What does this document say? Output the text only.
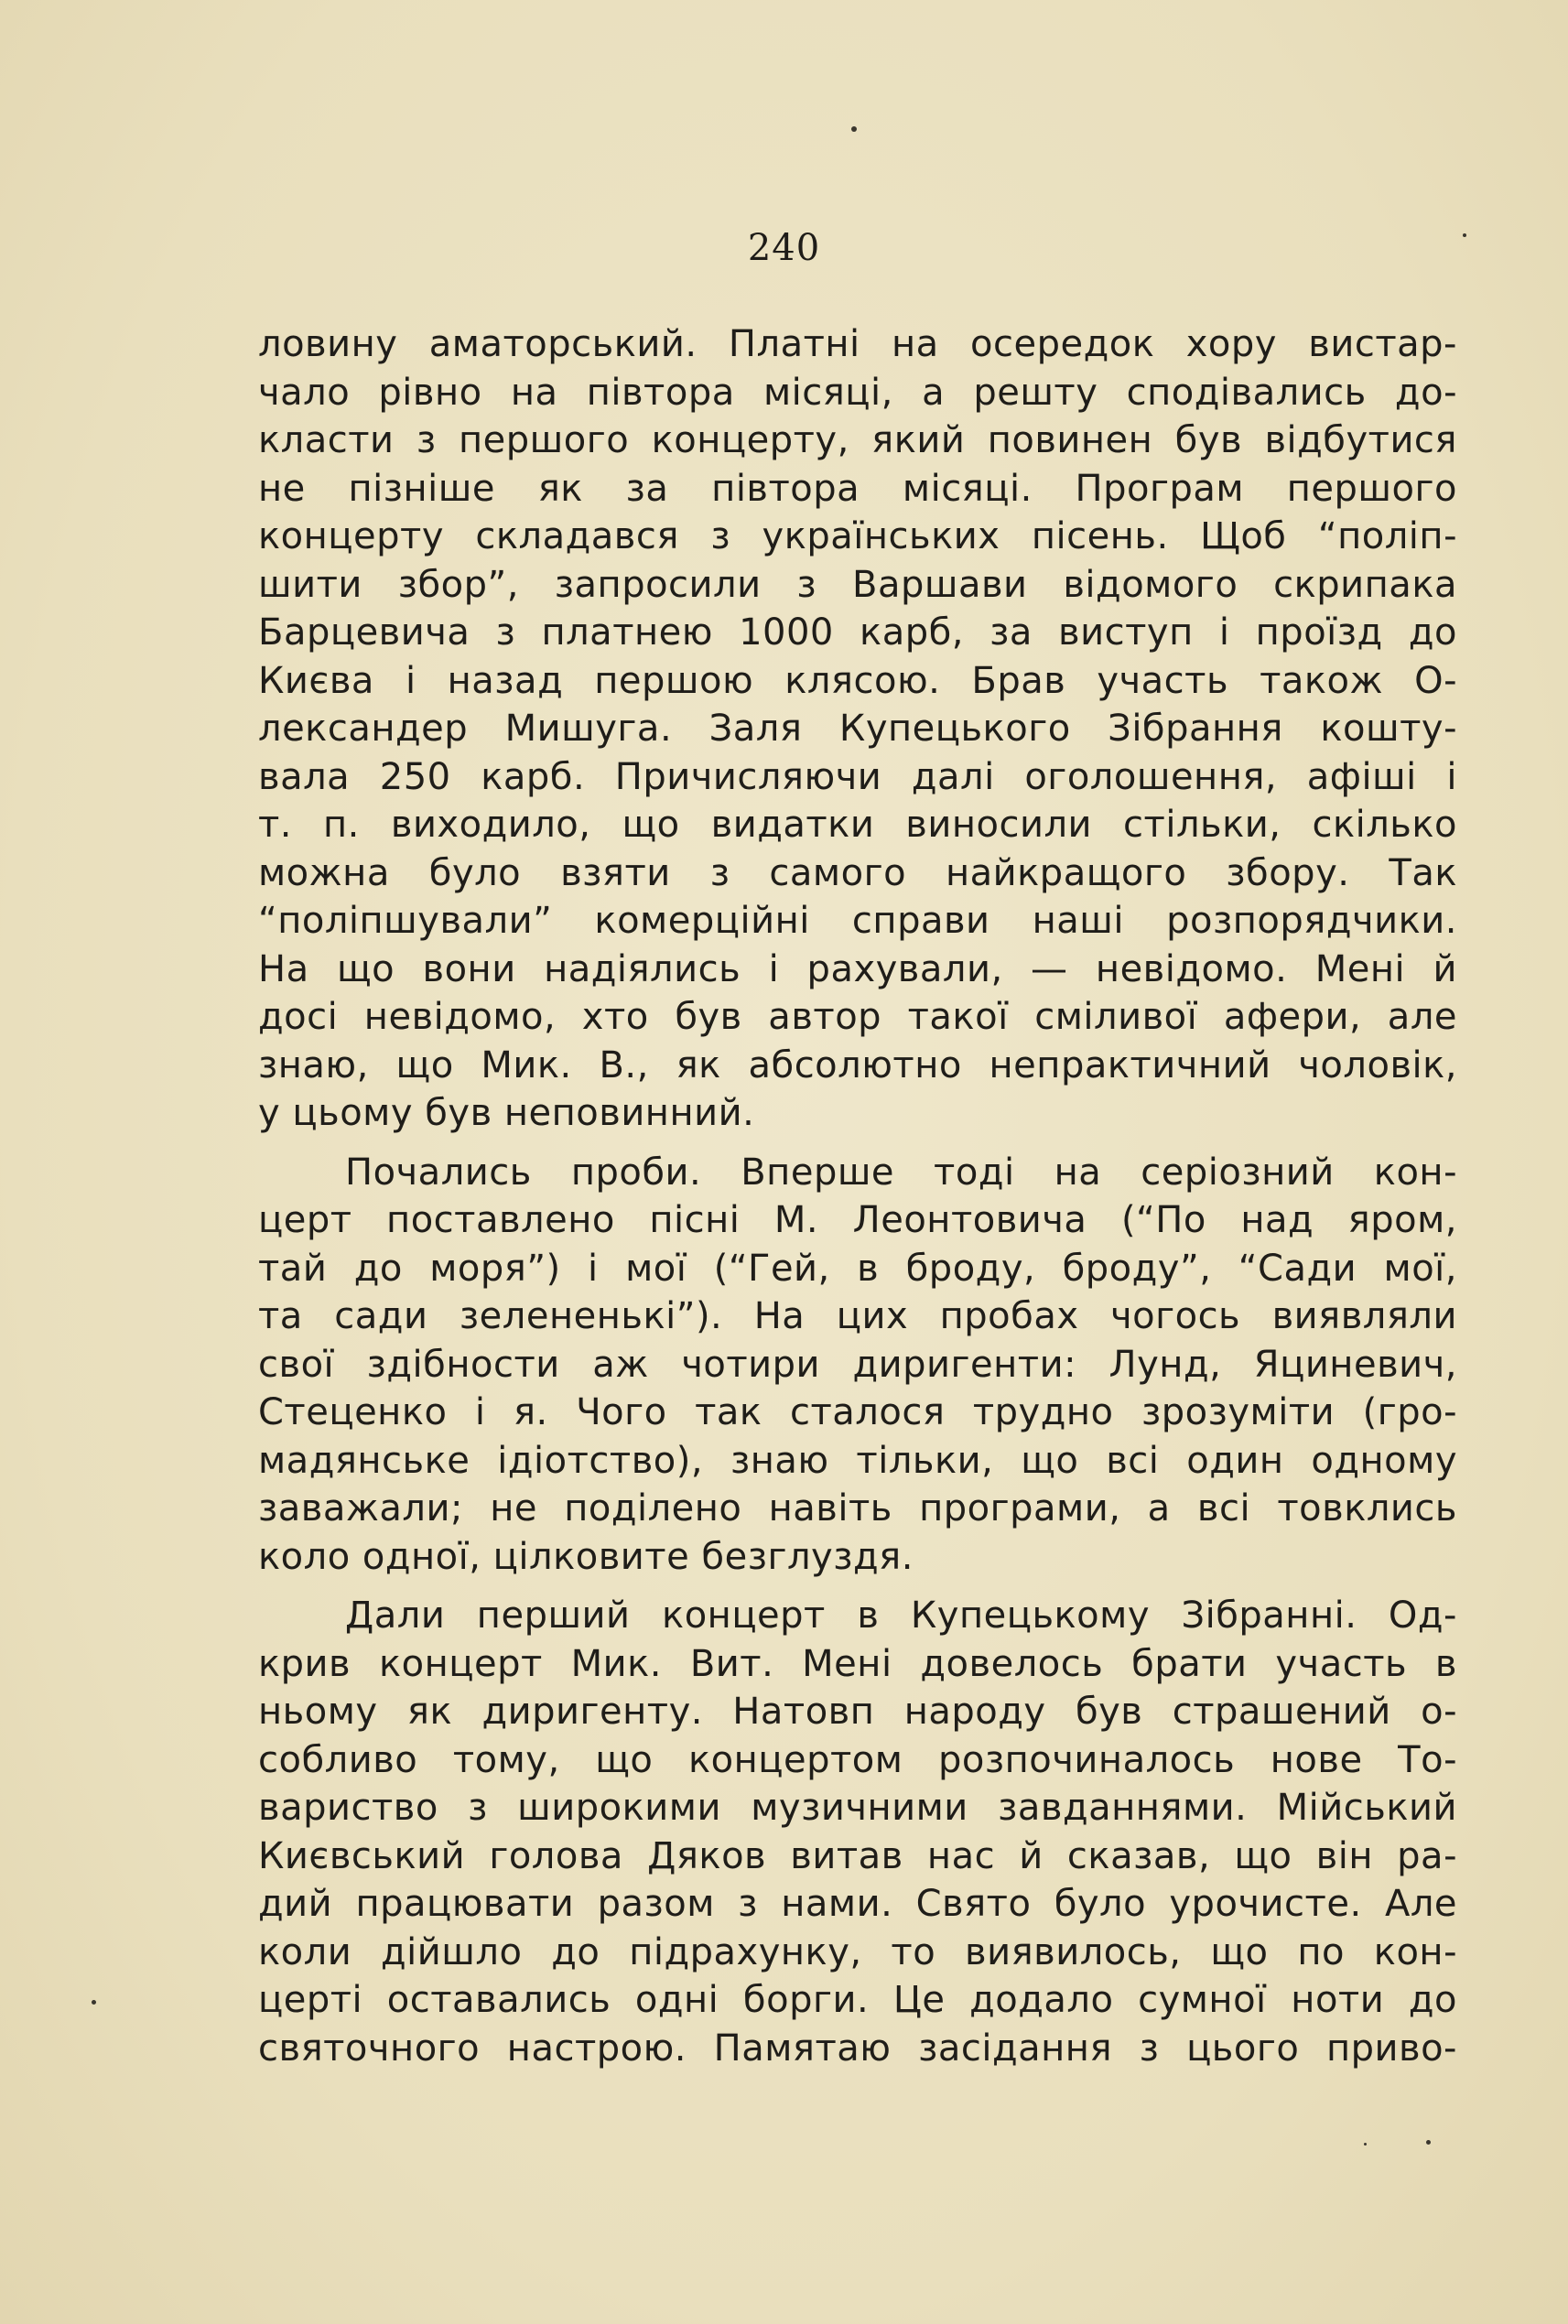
240
ловину аматорський. Платні на осередок хору вистар-
чало рівно на півтора місяці, а решту сподівались до-
класти з першого концерту, який повинен був відбутися
не пізніше як за півтора місяці. Програм першого
концерту складався з українських пісень. Щоб “поліп-
шити збор”, запросили з Варшави відомого скрипака
Барцевича з платнею 1000 карб, за виступ і проїзд до
Києва і назад першою клясою. Брав участь також О-
лександер Мишуга. Заля Купецького Зібрання кошту-
вала 250 карб. Причисляючи далі оголошення, афіші і
т. п. виходило, що видатки виносили стільки, скілько
можна було взяти з самого найкращого збору. Так
“поліпшували” комерційні справи наші розпорядчики.
На що вони надіялись і рахували, — невідомо. Мені й
досі невідомо, хто був автор такої сміливої афери, але
знаю, що Мик. В., як абсолютно непрактичний чоловік,
у цьому був неповинний.
Почались проби. Вперше тоді на серіозний кон-
церт поставлено пісні М. Леонтовича (“По над яром,
тай до моря”) і мої (“Гей, в броду, броду”, “Сади мої,
та сади зелененькі”). На цих пробах чогось виявляли
свої здібности аж чотири диригенти: Лунд, Яциневич,
Стеценко і я. Чого так сталося трудно зрозуміти (гро-
мадянське ідіотство), знаю тільки, що всі один одному
заважали; не поділено навіть програми, а всі товклись
коло одної, цілковите безглуздя.
Дали перший концерт в Купецькому Зібранні. Од-
крив концерт Мик. Вит. Мені довелось брати участь в
ньому як диригенту. Натовп народу був страшений о-
собливо тому, що концертом розпочиналось нове То-
вариство з широкими музичними завданнями. Мійський
Києвський голова Дяков витав нас й сказав, що він ра-
дий працювати разом з нами. Свято було урочисте. Але
коли дійшло до підрахунку, то виявилось, що по кон-
церті оставались одні борги. Це додало сумної ноти до
святочного настрою. Памятаю засідання з цього приво-
